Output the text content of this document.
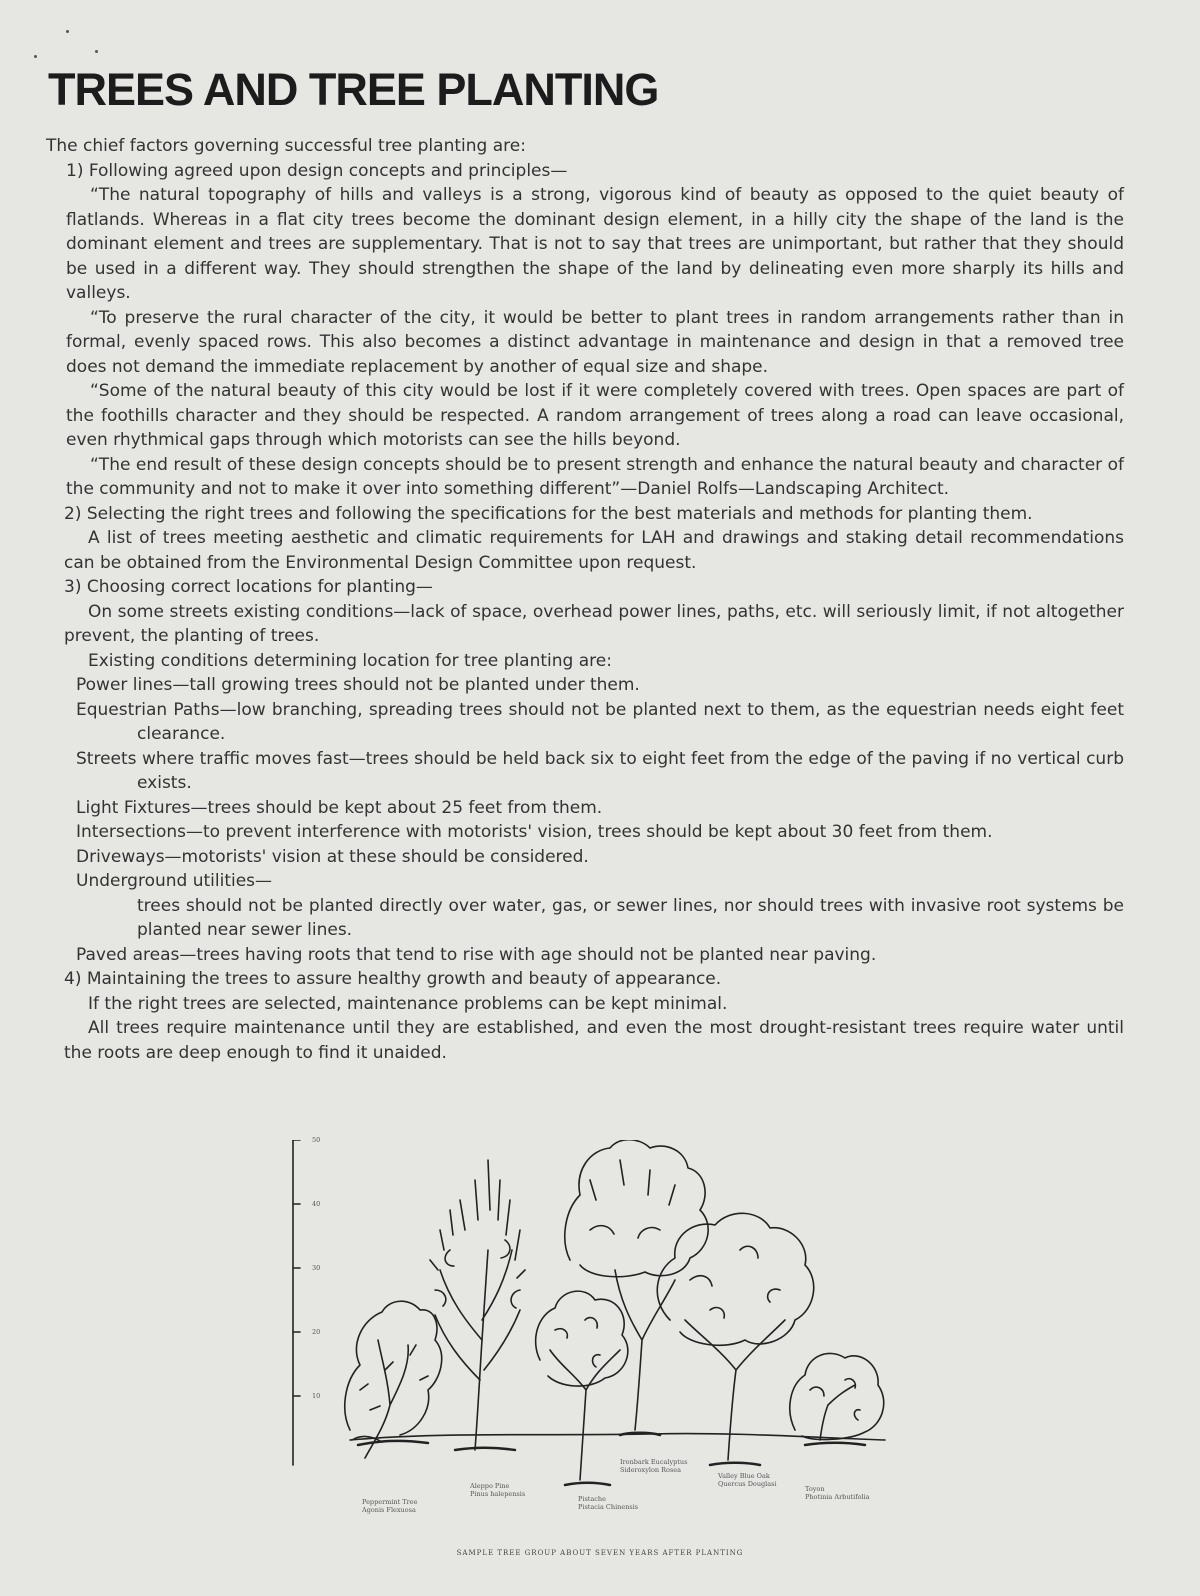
TREES AND TREE PLANTING

The chief factors governing successful tree planting are:

1) Following agreed upon design concepts and principles—

“The natural topography of hills and valleys is a strong, vigorous kind of beauty as opposed to the quiet beauty of flatlands. Whereas in a flat city trees become the dominant design element, in a hilly city the shape of the land is the dominant element and trees are supplementary. That is not to say that trees are unimportant, but rather that they should be used in a different way. They should strengthen the shape of the land by delineating even more sharply its hills and valleys.

“To preserve the rural character of the city, it would be better to plant trees in random arrangements rather than in formal, evenly spaced rows. This also becomes a distinct advantage in maintenance and design in that a removed tree does not demand the immediate replacement by another of equal size and shape.

“Some of the natural beauty of this city would be lost if it were completely covered with trees. Open spaces are part of the foothills character and they should be respected. A random arrangement of trees along a road can leave occasional, even rhythmical gaps through which motorists can see the hills beyond.

“The end result of these design concepts should be to present strength and enhance the natural beauty and character of the community and not to make it over into something different”—Daniel Rolfs—Landscaping Architect.

2) Selecting the right trees and following the specifications for the best materials and methods for planting them.

A list of trees meeting aesthetic and climatic requirements for LAH and drawings and staking detail recommendations can be obtained from the Environmental Design Committee upon request.

3) Choosing correct locations for planting—

On some streets existing conditions—lack of space, overhead power lines, paths, etc. will seriously limit, if not altogether prevent, the planting of trees.

Existing conditions determining location for tree planting are:

Power lines—tall growing trees should not be planted under them.

Equestrian Paths—low branching, spreading trees should not be planted next to them, as the equestrian needs eight feet clearance.

Streets where traffic moves fast—trees should be held back six to eight feet from the edge of the paving if no vertical curb exists.

Light Fixtures—trees should be kept about 25 feet from them.

Intersections—to prevent interference with motorists' vision, trees should be kept about 30 feet from them.

Driveways—motorists' vision at these should be considered.

Underground utilities—

trees should not be planted directly over water, gas, or sewer lines, nor should trees with invasive root systems be planted near sewer lines.

Paved areas—trees having roots that tend to rise with age should not be planted near paving.

4) Maintaining the trees to assure healthy growth and beauty of appearance.

If the right trees are selected, maintenance problems can be kept minimal.

All trees require maintenance until they are established, and even the most drought-resistant trees require water until the roots are deep enough to find it unaided.

50
40
30
20
10
Peppermint Tree
Agonis Flexuosa
Aleppo Pine
Pinus halepensis
Pistache
Pistacia Chinensis
Ironbark Eucalyptus
Sideroxylon Rosea
Valley Blue Oak
Quercus Douglasi
Toyon
Photinia Arbutifolia
SAMPLE TREE GROUP ABOUT SEVEN YEARS AFTER PLANTING
